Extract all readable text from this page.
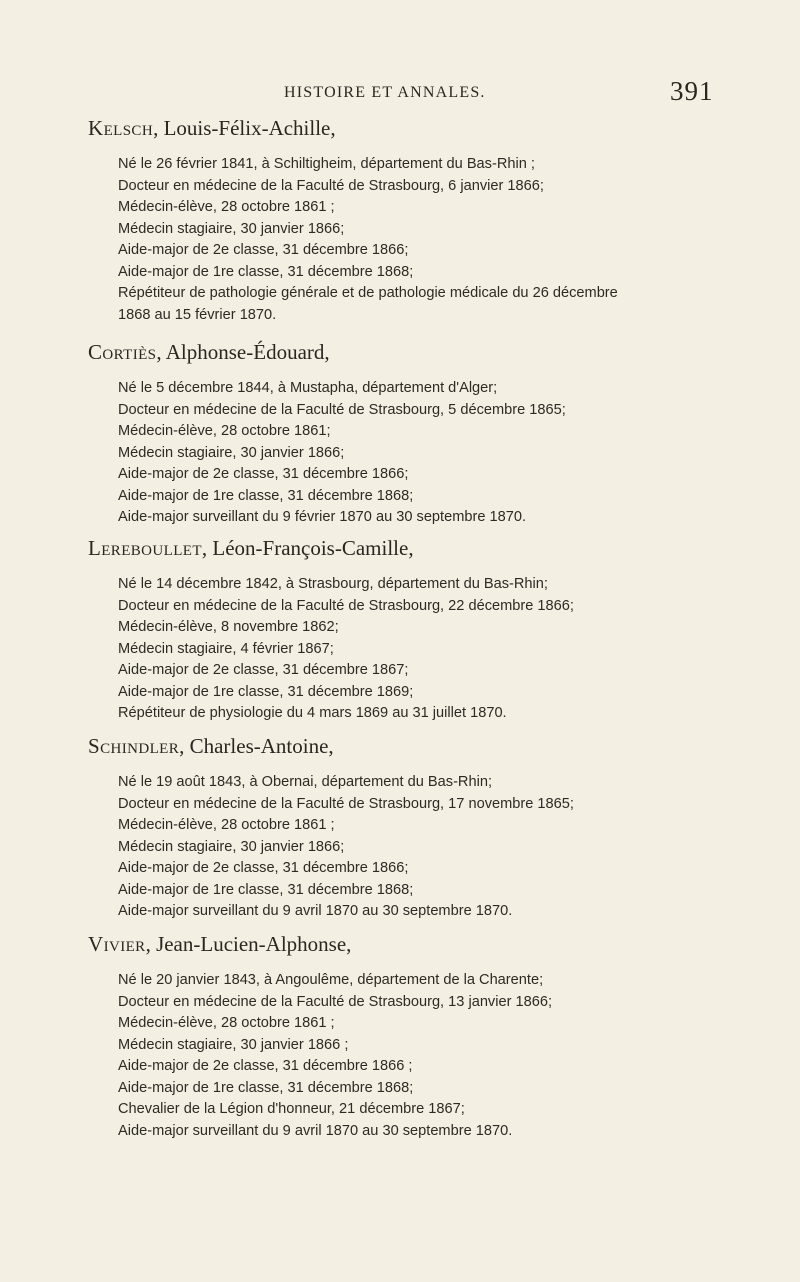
HISTOIRE ET ANNALES.	391
Kelsch, Louis-Félix-Achille,
Né le 26 février 1841, à Schiltigheim, département du Bas-Rhin ;
Docteur en médecine de la Faculté de Strasbourg, 6 janvier 1866;
Médecin-élève, 28 octobre 1861 ;
Médecin stagiaire, 30 janvier 1866;
Aide-major de 2e classe, 31 décembre 1866;
Aide-major de 1re classe, 31 décembre 1868;
Répétiteur de pathologie générale et de pathologie médicale du 26 décembre
1868 au 15 février 1870.
Cortiès, Alphonse-Édouard,
Né le 5 décembre 1844, à Mustapha, département d'Alger;
Docteur en médecine de la Faculté de Strasbourg, 5 décembre 1865;
Médecin-élève, 28 octobre 1861;
Médecin stagiaire, 30 janvier 1866;
Aide-major de 2e classe, 31 décembre 1866;
Aide-major de 1re classe, 31 décembre 1868;
Aide-major surveillant du 9 février 1870 au 30 septembre 1870.
Lereboullet, Léon-François-Camille,
Né le 14 décembre 1842, à Strasbourg, département du Bas-Rhin;
Docteur en médecine de la Faculté de Strasbourg, 22 décembre 1866;
Médecin-élève, 8 novembre 1862;
Médecin stagiaire, 4 février 1867;
Aide-major de 2e classe, 31 décembre 1867;
Aide-major de 1re classe, 31 décembre 1869;
Répétiteur de physiologie du 4 mars 1869 au 31 juillet 1870.
Schindler, Charles-Antoine,
Né le 19 août 1843, à Obernai, département du Bas-Rhin;
Docteur en médecine de la Faculté de Strasbourg, 17 novembre 1865;
Médecin-élève, 28 octobre 1861 ;
Médecin stagiaire, 30 janvier 1866;
Aide-major de 2e classe, 31 décembre 1866;
Aide-major de 1re classe, 31 décembre 1868;
Aide-major surveillant du 9 avril 1870 au 30 septembre 1870.
Vivier, Jean-Lucien-Alphonse,
Né le 20 janvier 1843, à Angoulême, département de la Charente;
Docteur en médecine de la Faculté de Strasbourg, 13 janvier 1866;
Médecin-élève, 28 octobre 1861 ;
Médecin stagiaire, 30 janvier 1866 ;
Aide-major de 2e classe, 31 décembre 1866 ;
Aide-major de 1re classe, 31 décembre 1868;
Chevalier de la Légion d'honneur, 21 décembre 1867;
Aide-major surveillant du 9 avril 1870 au 30 septembre 1870.
